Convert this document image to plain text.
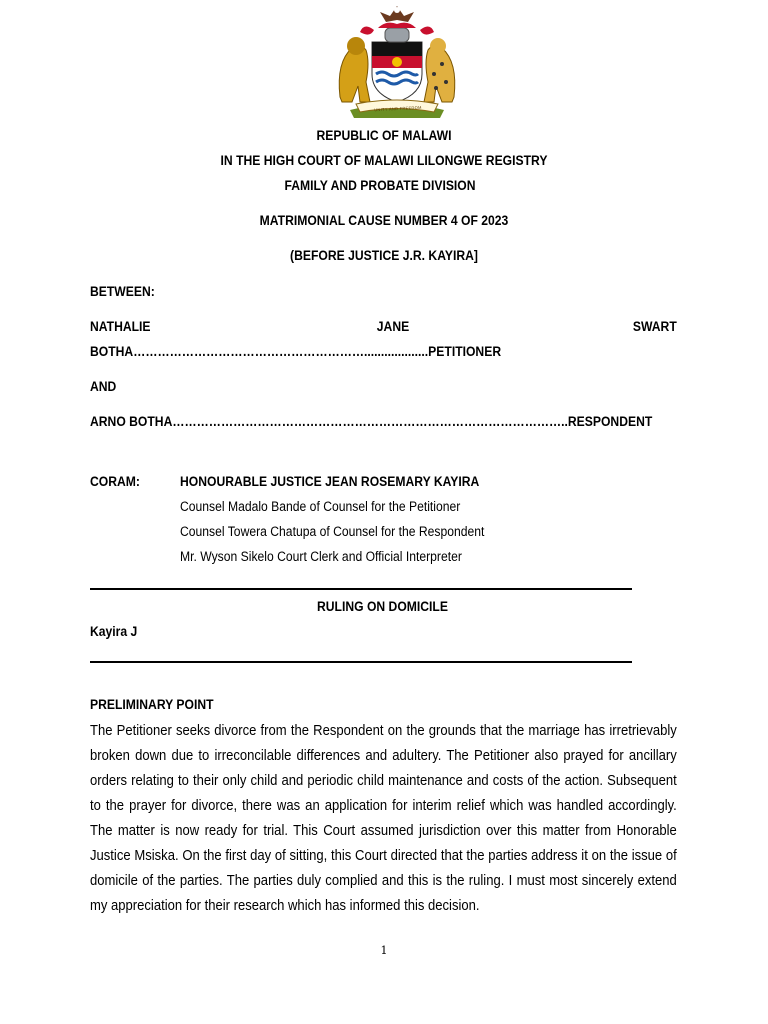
UNITY AND FREEDOM
REPUBLIC OF MALAWI
IN THE HIGH COURT OF MALAWI LILONGWE REGISTRY
FAMILY AND PROBATE DIVISION
MATRIMONIAL CAUSE NUMBER 4 OF 2023
(BEFORE JUSTICE J.R. KAYIRA]
BETWEEN:
NATHALIE	JANE	SWART
BOTHA…………………………………………………...................PETITIONER
AND
ARNO BOTHA……………………………………………………………………………………..RESPONDENT
CORAM:	HONOURABLE JUSTICE JEAN ROSEMARY KAYIRA
Counsel Madalo Bande of Counsel for the Petitioner
Counsel Towera Chatupa of Counsel for the Respondent
Mr. Wyson Sikelo Court Clerk and Official Interpreter
RULING ON DOMICILE
Kayira J
PRELIMINARY POINT
The Petitioner seeks divorce from the Respondent on the grounds that the marriage has irretrievably broken down due to irreconcilable differences and adultery. The Petitioner also prayed for ancillary orders relating to their only child and periodic child maintenance and costs of the action. Subsequent to the prayer for divorce, there was an application for interim relief which was handled accordingly. The matter is now ready for trial. This Court assumed jurisdiction over this matter from Honorable Justice Msiska. On the first day of sitting, this Court directed that the parties address it on the issue of domicile of the parties. The parties duly complied and this is the ruling. I must most sincerely extend my appreciation for their research which has informed this decision.
1
